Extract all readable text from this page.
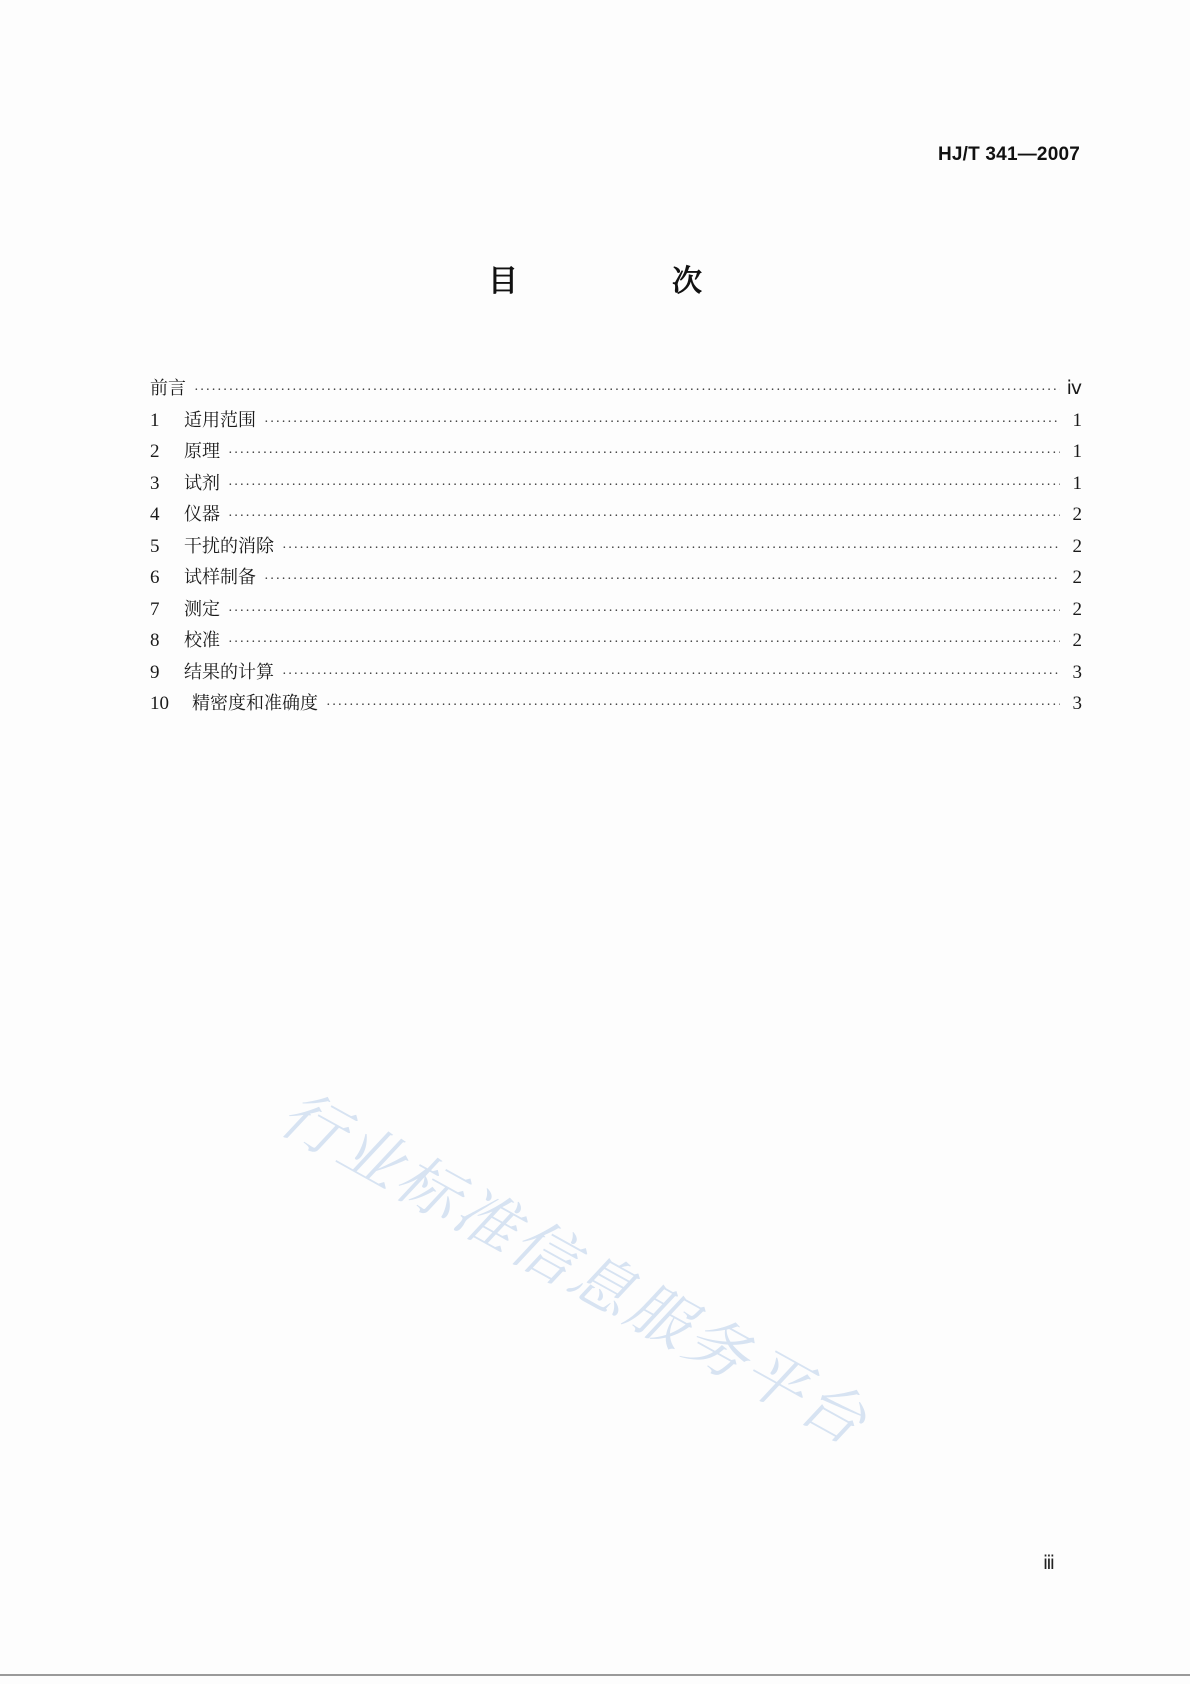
HJ/T 341—2007
目　次
前言 ·····	ⅳ
1	适用范围 ·····	1
2	原理 ·····	1
3	试剂 ·····	1
4	仪器 ·····	2
5	干扰的消除 ·····	2
6	试样制备 ·····	2
7	测定 ·····	2
8	校准 ·····	2
9	结果的计算 ·····	3
10	精密度和准确度 ·····	3
行业标准信息服务平台
ⅲ
